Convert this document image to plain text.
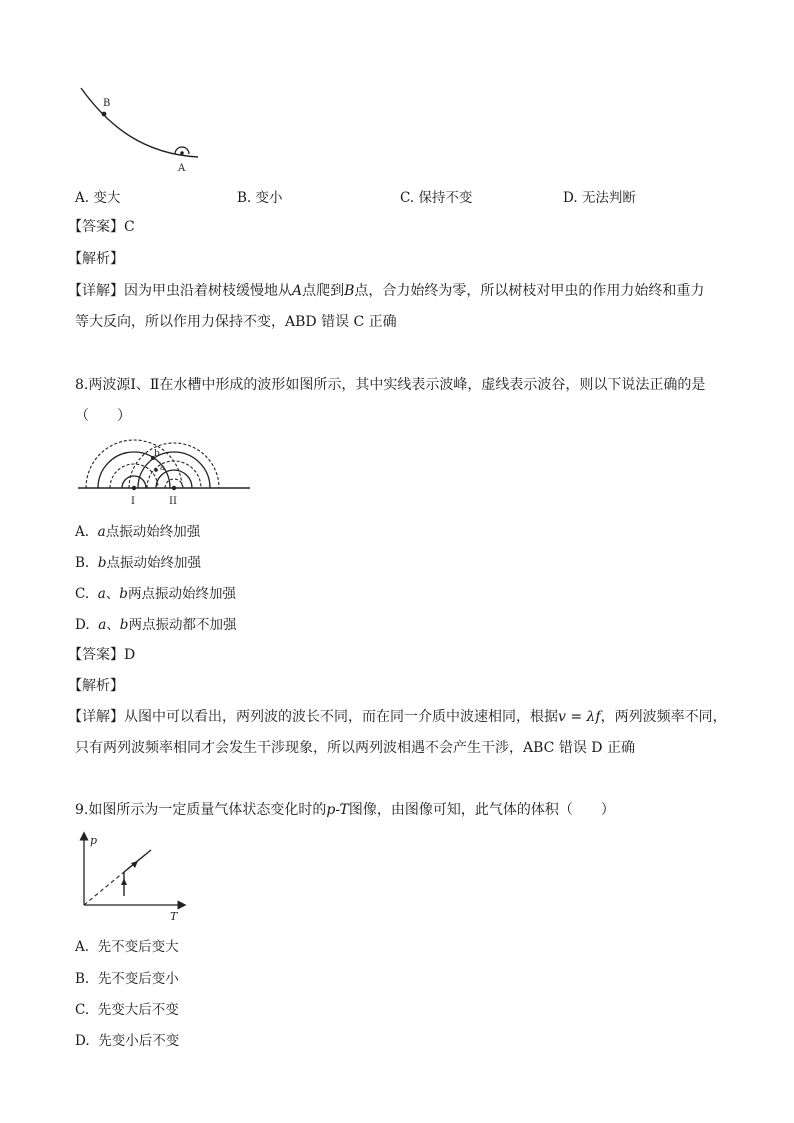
B
A
A. 变大	B. 变小	C. 保持不变	D. 无法判断
【答案】C
【解析】
【详解】因为甲虫沿着树枝缓慢地从A点爬到B点，合力始终为零，所以树枝对甲虫的作用力始终和重力
等大反向，所以作用力保持不变，ABD 错误 C 正确
8.两波源Ⅰ、Ⅱ在水槽中形成的波形如图所示，其中实线表示波峰，虚线表示波谷，则以下说法正确的是
（　　）
b
a
I	II
A. a点振动始终加强
B. b点振动始终加强
C. a、b两点振动始终加强
D. a、b两点振动都不加强
【答案】D
【解析】
【详解】从图中可以看出，两列波的波长不同，而在同一介质中波速相同，根据v = λf，两列波频率不同，
只有两列波频率相同才会发生干涉现象，所以两列波相遇不会产生干涉，ABC 错误 D 正确
9.如图所示为一定质量气体状态变化时的p-T图像，由图像可知，此气体的体积（　　）
p
T
A. 先不变后变大
B. 先不变后变小
C. 先变大后不变
D. 先变小后不变
